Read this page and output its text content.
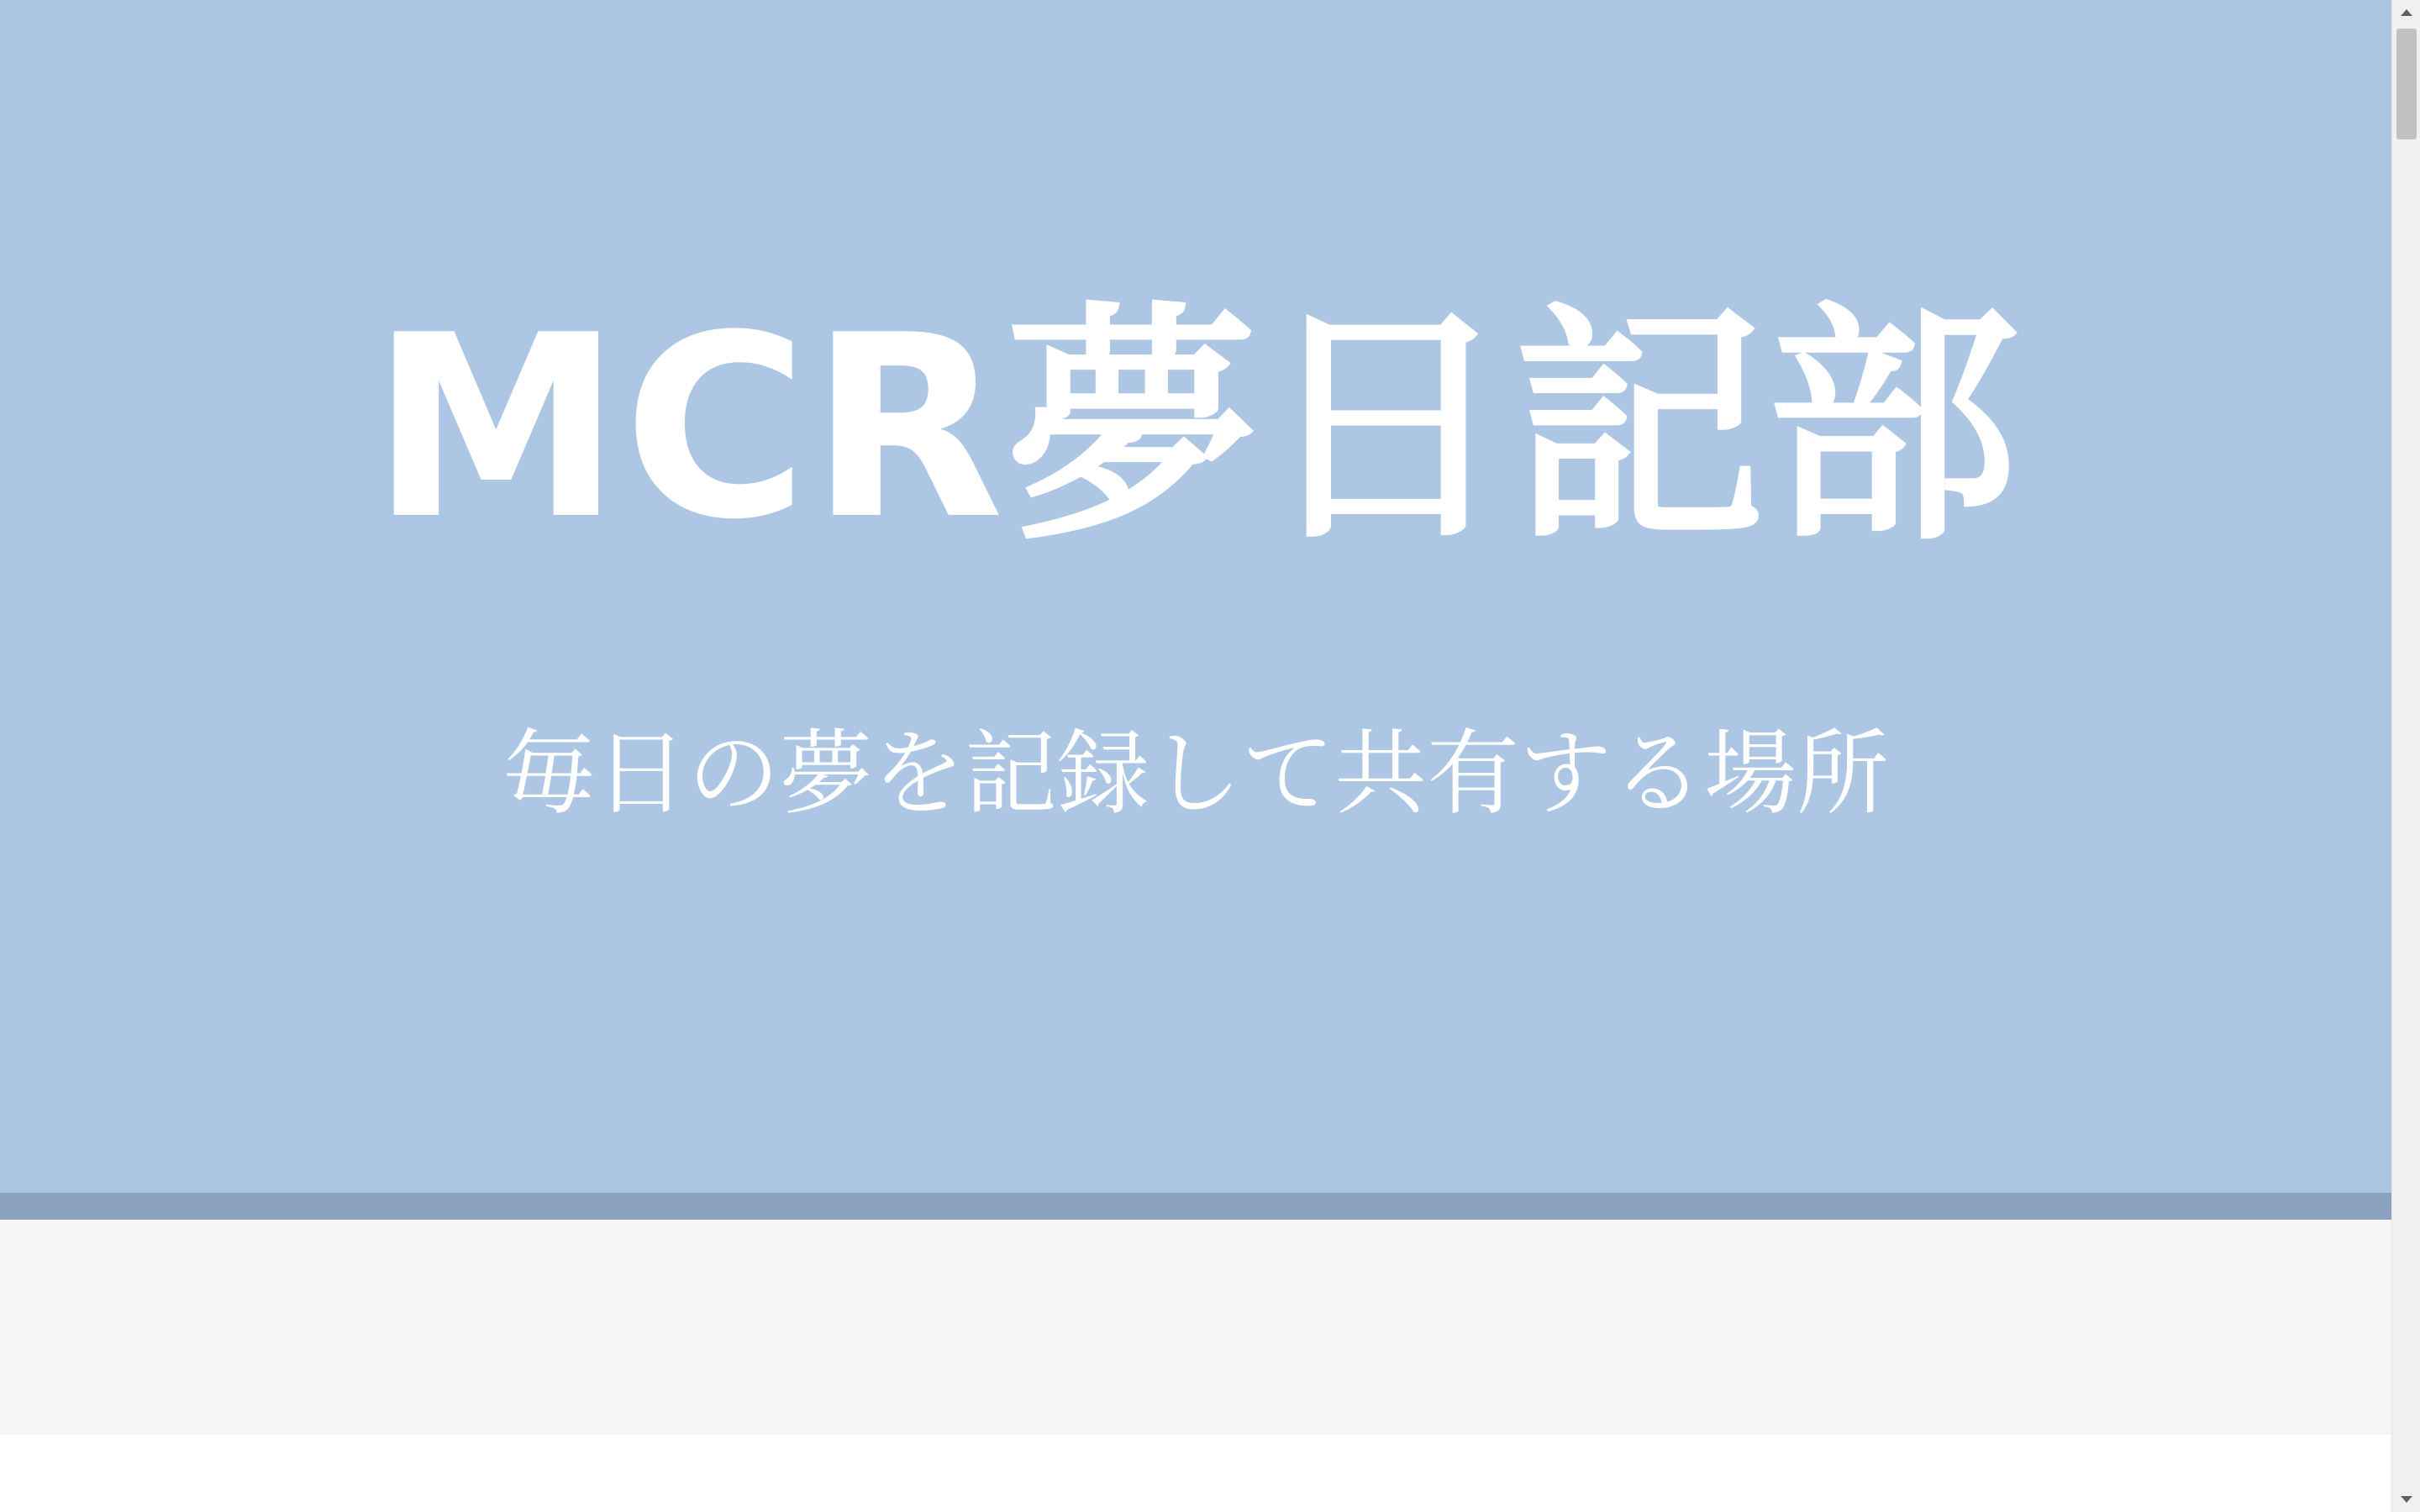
MCR夢日記部

毎日の夢を記録して共有する場所
